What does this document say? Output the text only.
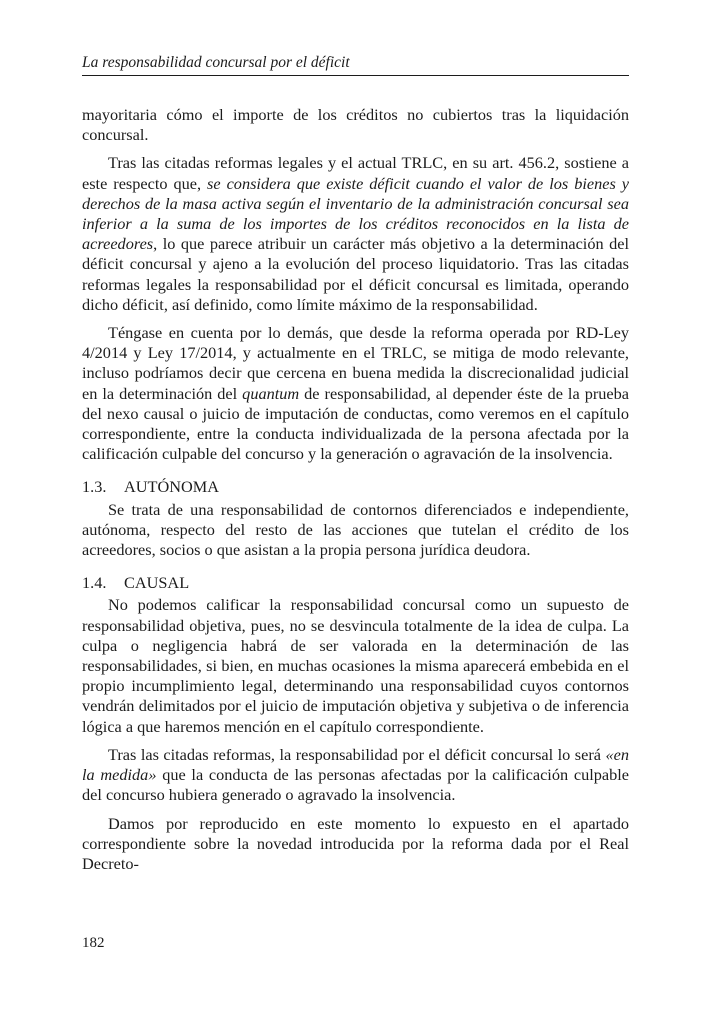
La responsabilidad concursal por el déficit

mayoritaria cómo el importe de los créditos no cubiertos tras la liquidación concursal.

Tras las citadas reformas legales y el actual TRLC, en su art. 456.2, sostiene a este respecto que, se considera que existe déficit cuando el valor de los bienes y derechos de la masa activa según el inventario de la administración concursal sea inferior a la suma de los importes de los créditos reconocidos en la lista de acreedores, lo que parece atribuir un carácter más objetivo a la determinación del déficit concursal y ajeno a la evolución del proceso liquidatorio. Tras las citadas reformas legales la responsabilidad por el déficit concursal es limitada, operando dicho déficit, así definido, como límite máximo de la responsabilidad.

Téngase en cuenta por lo demás, que desde la reforma operada por RD-Ley 4/2014 y Ley 17/2014, y actualmente en el TRLC, se mitiga de modo relevante, incluso podríamos decir que cercena en buena medida la discrecionalidad judicial en la determinación del quantum de responsabilidad, al depender éste de la prueba del nexo causal o juicio de imputación de conductas, como veremos en el capítulo correspondiente, entre la conducta individualizada de la persona afectada por la calificación culpable del concurso y la generación o agravación de la insolvencia.

1.3. AUTÓNOMA

Se trata de una responsabilidad de contornos diferenciados e independiente, autónoma, respecto del resto de las acciones que tutelan el crédito de los acreedores, socios o que asistan a la propia persona jurídica deudora.

1.4. CAUSAL

No podemos calificar la responsabilidad concursal como un supuesto de responsabilidad objetiva, pues, no se desvincula totalmente de la idea de culpa. La culpa o negligencia habrá de ser valorada en la determinación de las responsabilidades, si bien, en muchas ocasiones la misma aparecerá embebida en el propio incumplimiento legal, determinando una responsabilidad cuyos contornos vendrán delimitados por el juicio de imputación objetiva y subjetiva o de inferencia lógica a que haremos mención en el capítulo correspondiente.

Tras las citadas reformas, la responsabilidad por el déficit concursal lo será «en la medida» que la conducta de las personas afectadas por la calificación culpable del concurso hubiera generado o agravado la insolvencia.

Damos por reproducido en este momento lo expuesto en el apartado correspondiente sobre la novedad introducida por la reforma dada por el Real Decreto-

182
